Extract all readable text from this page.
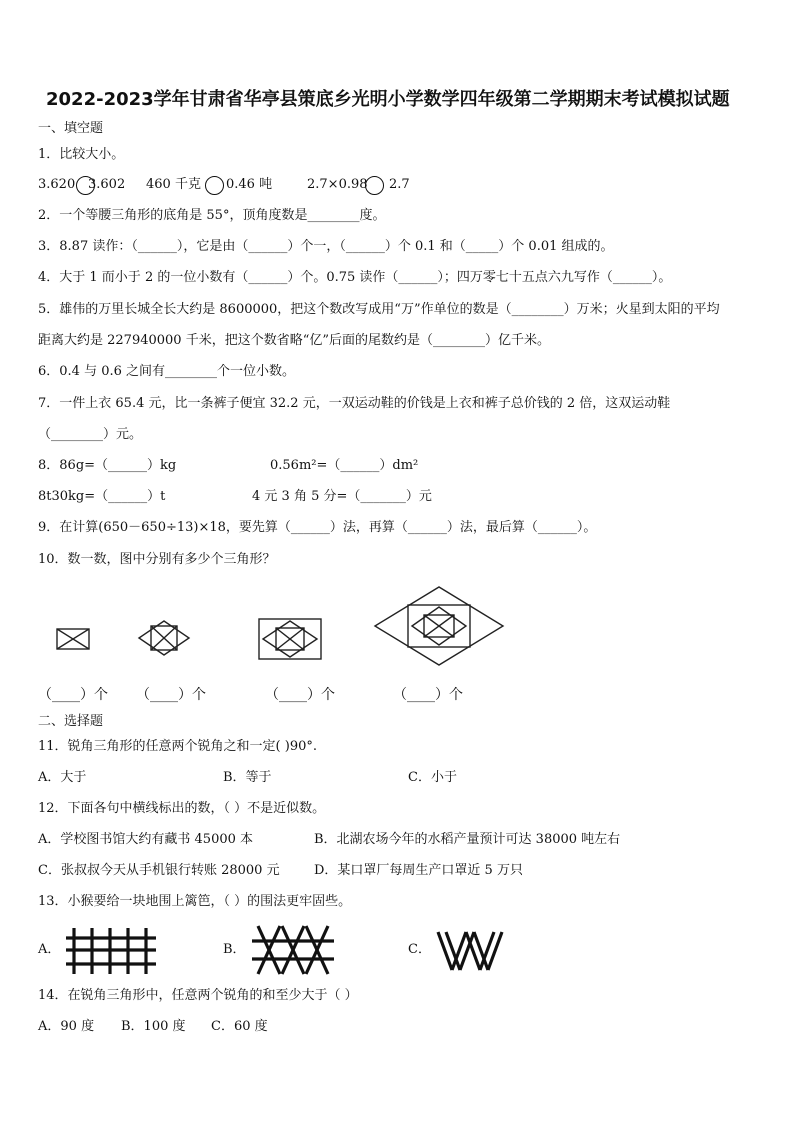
2022-2023学年甘肃省华亭县策底乡光明小学数学四年级第二学期期末考试模拟试题
一、填空题
1．比较大小。
3.620 3.602 460 千克 0.46 吨	2.7×0.98 2.7
2．一个等腰三角形的底角是 55°，顶角度数是________度。
3．8.87 读作：（______），它是由（______）个一，（______）个 0.1 和（_____）个 0.01 组成的。
4．大于 1 而小于 2 的一位小数有（______）个。0.75 读作（______）；四万零七十五点六九写作（______）。
5．雄伟的万里长城全长大约是 8600000，把这个数改写成用“万”作单位的数是（________）万米；火星到太阳的平均
距离大约是 227940000 千米，把这个数省略“亿”后面的尾数约是（________）亿千米。
6．0.4 与 0.6 之间有________个一位小数。
7．一件上衣 65.4 元，比一条裤子便宜 32.2 元，一双运动鞋的价钱是上衣和裤子总价钱的 2 倍，这双运动鞋
（________）元。
8．86g=（______）kg	0.56m²=（______）dm²
8t30kg=（______）t	4 元 3 角 5 分=（_______）元
9．在计算(650－650÷13)×18，要先算（______）法，再算（______）法，最后算（______）。
10．数一数，图中分别有多少个三角形？
（____）个 （____）个	（____）个	（____）个
二、选择题
11．锐角三角形的任意两个锐角之和一定( )90°.
A．大于	B．等于	C．小于
12．下面各句中横线标出的数，（ ）不是近似数。
A．学校图书馆大约有藏书 45000 本	B．北湖农场今年的水稻产量预计可达 38000 吨左右
C．张叔叔今天从手机银行转账 28000 元	D．某口罩厂每周生产口罩近 5 万只
13．小猴要给一块地围上篱笆，（ ）的围法更牢固些。
A．	B．	C．
14．在锐角三角形中，任意两个锐角的和至少大于（ ）
A．90 度 B．100 度 C．60 度
